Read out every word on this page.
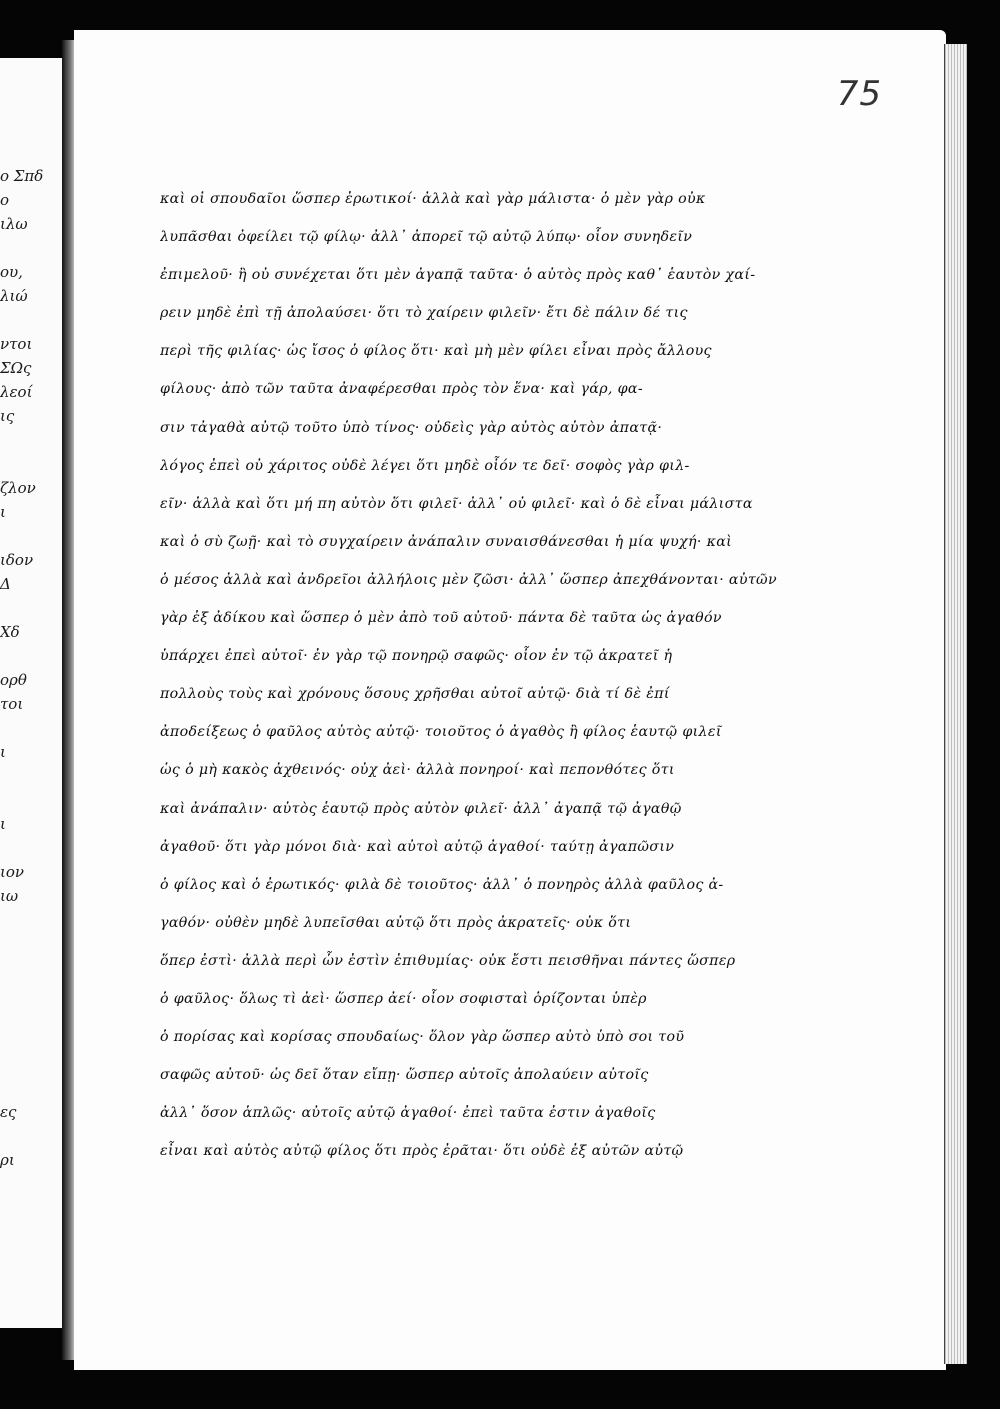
ο Σπδ
ο
ιλω
ου,
λιώ
ντοι
ΣΩς
λεοί
ις
ζλον
ι
ιδον
Δ
Χδ
ορθ
τοι
ι
ι
ιον
ιω
ες
ρι
75
καὶ οἱ σπουδαῖοι ὥσπερ ἐρωτικοί· ἀλλὰ καὶ γὰρ μάλιστα· ὁ μὲν γὰρ οὐκ
λυπᾶσθαι ὀφείλει τῷ φίλῳ· ἀλλ᾽ ἀπορεῖ τῷ αὐτῷ λύπῳ· οἷον συνηδεῖν
ἐπιμελοῦ· ἢ οὐ συνέχεται ὅτι μὲν ἀγαπᾷ ταῦτα· ὁ αὐτὸς πρὸς καθ᾽ ἑαυτὸν χαί-
ρειν μηδὲ ἐπὶ τῇ ἀπολαύσει· ὅτι τὸ χαίρειν φιλεῖν· ἔτι δὲ πάλιν δέ τις
περὶ τῆς φιλίας· ὡς ἴσος ὁ φίλος ὅτι· καὶ μὴ μὲν φίλει εἶναι πρὸς ἄλλους
φίλους· ἀπὸ τῶν ταῦτα ἀναφέρεσθαι πρὸς τὸν ἕνα· καὶ γάρ, φα-
σιν τἀγαθὰ αὐτῷ τοῦτο ὑπὸ τίνος· οὐδεὶς γὰρ αὐτὸς αὐτὸν ἀπατᾷ·
λόγος ἐπεὶ οὐ χάριτος οὐδὲ λέγει ὅτι μηδὲ οἷόν τε δεῖ· σοφὸς γὰρ φιλ-
εῖν· ἀλλὰ καὶ ὅτι μή πη αὐτὸν ὅτι φιλεῖ· ἀλλ᾽ οὐ φιλεῖ· καὶ ὁ δὲ εἶναι μάλιστα
καὶ ὁ σὺ ζωῇ· καὶ τὸ συγχαίρειν ἀνάπαλιν συναισθάνεσθαι ἡ μία ψυχή· καὶ
ὁ μέσος ἀλλὰ καὶ ἀνδρεῖοι ἀλλήλοις μὲν ζῶσι· ἀλλ᾽ ὥσπερ ἀπεχθάνονται· αὐτῶν
γὰρ ἐξ ἀδίκου καὶ ὥσπερ ὁ μὲν ἀπὸ τοῦ αὐτοῦ· πάντα δὲ ταῦτα ὡς ἀγαθόν
ὑπάρχει ἐπεὶ αὐτοῖ· ἐν γὰρ τῷ πονηρῷ σαφῶς· οἷον ἐν τῷ ἀκρατεῖ ἡ
πολλοὺς τοὺς καὶ χρόνους ὅσους χρῆσθαι αὐτοῖ αὐτῷ· διὰ τί δὲ ἐπί
ἀποδείξεως ὁ φαῦλος αὐτὸς αὐτῷ· τοιοῦτος ὁ ἀγαθὸς ἢ φίλος ἑαυτῷ φιλεῖ
ὡς ὁ μὴ κακὸς ἀχθεινός· οὐχ ἀεὶ· ἀλλὰ πονηροί· καὶ πεπονθότες ὅτι
καὶ ἀνάπαλιν· αὐτὸς ἑαυτῷ πρὸς αὐτὸν φιλεῖ· ἀλλ᾽ ἀγαπᾷ τῷ ἀγαθῷ
ἀγαθοῦ· ὅτι γὰρ μόνοι διὰ· καὶ αὐτοὶ αὐτῷ ἀγαθοί· ταύτῃ ἀγαπῶσιν
ὁ φίλος καὶ ὁ ἐρωτικός· φιλὰ δὲ τοιοῦτος· ἀλλ᾽ ὁ πονηρὸς ἀλλὰ φαῦλος ἀ-
γαθόν· οὐθὲν μηδὲ λυπεῖσθαι αὐτῷ ὅτι πρὸς ἀκρατεῖς· οὐκ ὅτι
ὅπερ ἐστὶ· ἀλλὰ περὶ ὧν ἐστὶν ἐπιθυμίας· οὐκ ἔστι πεισθῆναι πάντες ὥσπερ
ὁ φαῦλος· ὅλως τὶ ἀεὶ· ὥσπερ ἀεί· οἷον σοφισταὶ ὁρίζονται ὑπὲρ
ὁ πορίσας καὶ κορίσας σπουδαίως· ὅλον γὰρ ὥσπερ αὐτὸ ὑπὸ σοι τοῦ
σαφῶς αὐτοῦ· ὡς δεῖ ὅταν εἴπῃ· ὥσπερ αὐτοῖς ἀπολαύειν αὐτοῖς
ἀλλ᾽ ὅσον ἁπλῶς· αὐτοῖς αὐτῷ ἀγαθοί· ἐπεὶ ταῦτα ἐστιν ἀγαθοῖς
εἶναι καὶ αὐτὸς αὐτῷ φίλος ὅτι πρὸς ἐρᾶται· ὅτι οὐδὲ ἐξ αὐτῶν αὐτῷ
